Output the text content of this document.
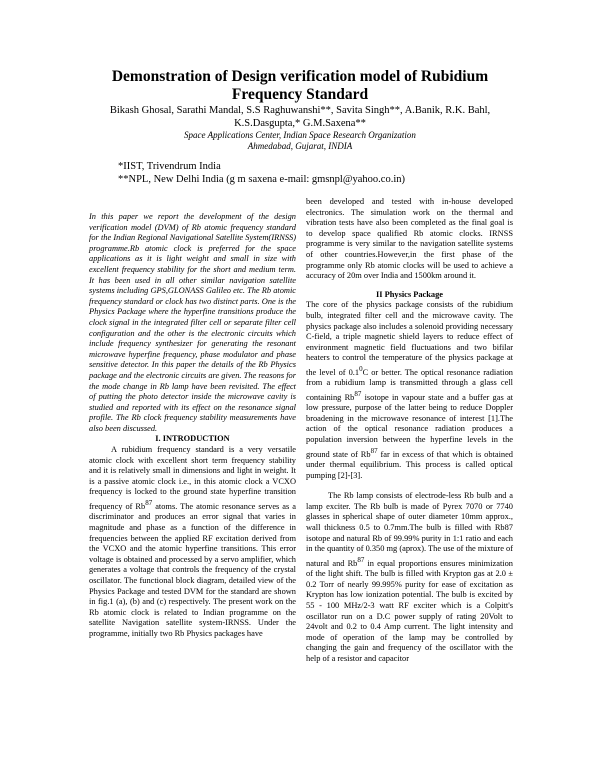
Demonstration of Design verification model of Rubidium
Frequency Standard
Bikash Ghosal, Sarathi Mandal, S.S Raghuwanshi**, Savita Singh**, A.Banik, R.K. Bahl,
K.S.Dasgupta,* G.M.Saxena**
Space Applications Center, Indian Space Research Organization
Ahmedabad, Gujarat, INDIA
*IIST, Trivendrum India
**NPL, New Delhi India (g m saxena e-mail: gmsnpl@yahoo.co.in)

In this paper we report the development of the design verification model (DVM) of Rb atomic frequency standard for the Indian Regional Navigational Satellite System(IRNSS) programme.Rb atomic clock is preferred for the space applications as it is light weight and small in size with excellent frequency stability for the short and medium term. It has been used in all other similar navigation satellite systems including GPS,GLONASS Galileo etc. The Rb atomic frequency standard or clock has two distinct parts. One is the Physics Package where the hyperfine transitions produce the clock signal in the integrated filter cell or separate filter cell configuration and the other is the electronic circuits which include frequency synthesizer for generating the resonant microwave hyperfine frequency, phase modulator and phase sensitive detector. In this paper the details of the Rb Physics package and the electronic circuits are given. The reasons for the mode change in Rb lamp have been revisited. The effect of putting the photo detector inside the microwave cavity is studied and reported with its effect on the resonance signal profile. The Rb clock frequency stability measurements have also been discussed.

I. INTRODUCTION

A rubidium frequency standard is a very versatile atomic clock with excellent short term frequency stability and it is relatively small in dimensions and light in weight. It is a passive atomic clock i.e., in this atomic clock a VCXO frequency is locked to the ground state hyperfine transition frequency of Rb$^{87}$ atoms. The atomic resonance serves as a discriminator and produces an error signal that varies in magnitude and phase as a function of the difference in frequencies between the applied RF excitation derived from the VCXO and the atomic hyperfine transitions. This error voltage is obtained and processed by a servo amplifier, which generates a voltage that controls the frequency of the crystal oscillator. The functional block diagram, detailed view of the Physics Package and tested DVM for the standard are shown in fig.1 (a), (b) and (c) respectively. The present work on the Rb atomic clock is related to Indian programme on the satellite Navigation satellite system-IRNSS. Under the programme, initially two Rb Physics packages have

been developed and tested with in-house developed electronics. The simulation work on the thermal and vibration tests have also been completed as the final goal is to develop space qualified Rb atomic clocks. IRNSS programme is very similar to the navigation satellite systems of other countries.However,in the first phase of the programme only Rb atomic clocks will be used to achieve a accuracy of 20m over India and 1500km around it.

II Physics Package

The core of the physics package consists of the rubidium bulb, integrated filter cell and the microwave cavity. The physics package also includes a solenoid providing necessary C-field, a triple magnetic shield layers to reduce effect of environment magnetic field fluctuations and two bifilar heaters to control the temperature of the physics package at the level of $0.1^0C$ or better. The optical resonance radiation from a rubidium lamp is transmitted through a glass cell containing Rb$^{87}$ isotope in vapour state and a buffer gas at low pressure, purpose of the latter being to reduce Doppler broadening in the microwave resonance of interest [1].The action of the optical resonance radiation produces a population inversion between the hyperfine levels in the ground state of Rb$^{87}$ far in excess of that which is obtained under thermal equilibrium. This process is called optical pumping [2]-[3].

The Rb lamp consists of electrode-less Rb bulb and a lamp exciter. The Rb bulb is made of Pyrex 7070 or 7740 glasses in spherical shape of outer diameter 10mm approx., wall thickness 0.5 to 0.7mm.The bulb is filled with Rb87 isotope and natural Rb of 99.99% purity in 1:1 ratio and each in the quantity of 0.350 mg (aprox). The use of the mixture of natural and Rb$^{87}$ in equal proportions ensures minimization of the light shift. The bulb is filled with Krypton gas at 2.0 ± 0.2 Torr of nearly 99.995% purity for ease of excitation as Krypton has low ionization potential. The bulb is excited by 55 - 100 MHz/2-3 watt RF exciter which is a Colpitt's oscillator run on a D.C power supply of rating 20Volt to 24volt and 0.2 to 0.4 Amp current. The light intensity and mode of operation of the lamp may be controlled by changing the gain and frequency of the oscillator with the help of a resistor and capacitor
